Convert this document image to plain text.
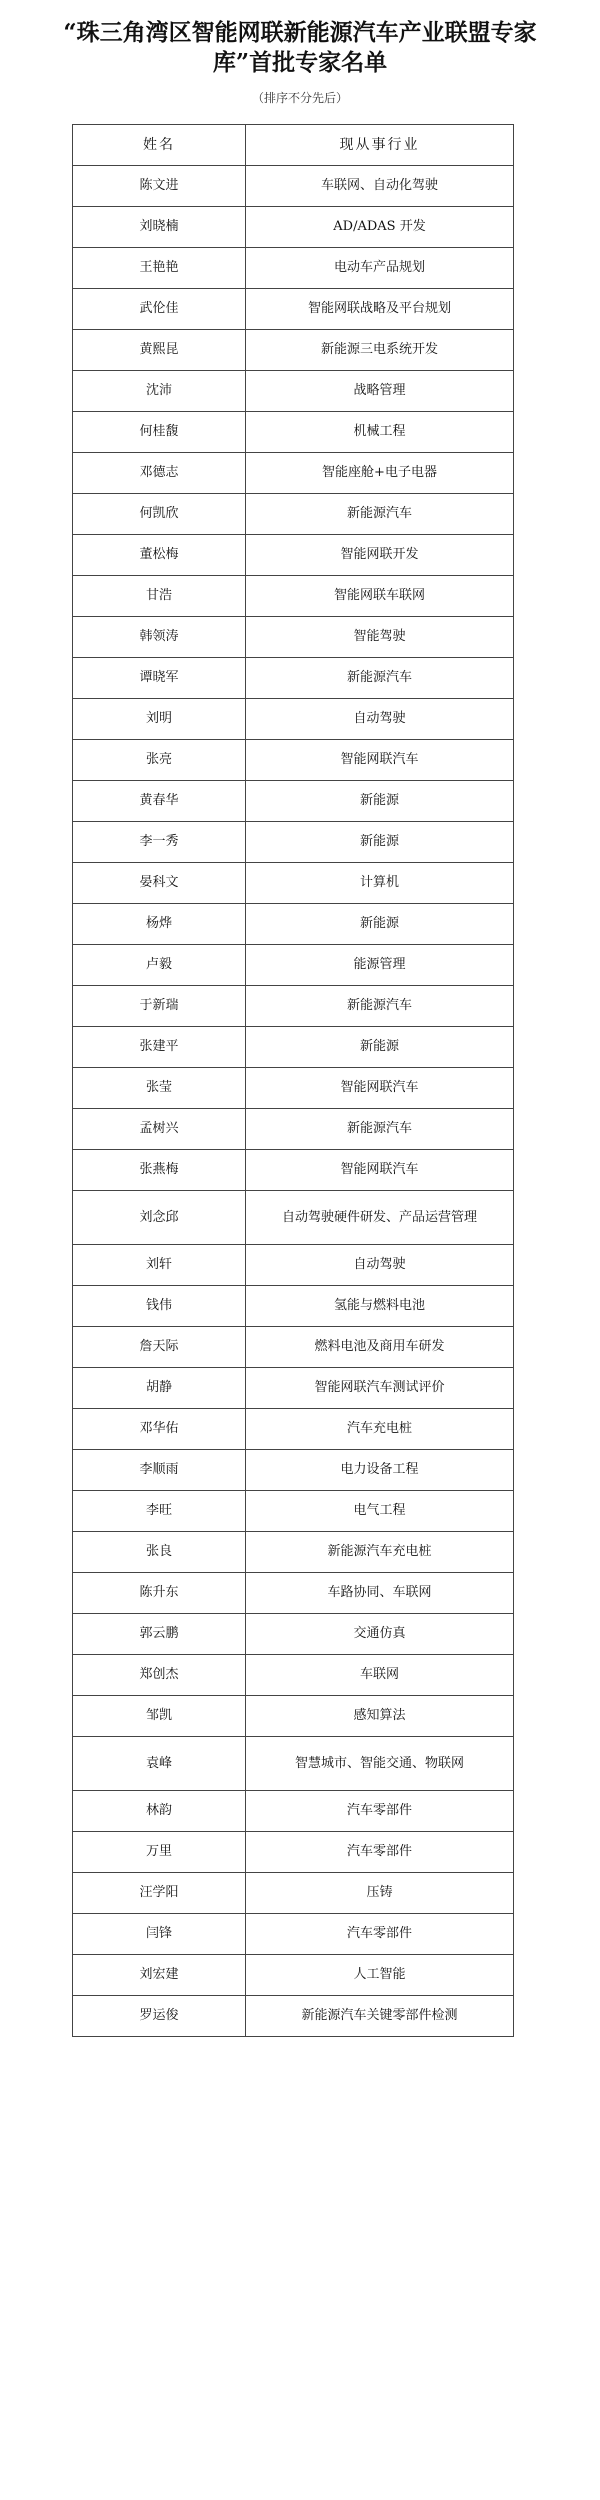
“珠三角湾区智能网联新能源汽车产业联盟专家库”首批专家名单
（排序不分先后）
姓名	现从事行业
陈文进	车联网、自动化驾驶
刘晓楠	AD/ADAS 开发
王艳艳	电动车产品规划
武伦佳	智能网联战略及平台规划
黄熙昆	新能源三电系统开发
沈沛	战略管理
何桂馥	机械工程
邓德志	智能座舱+电子电器
何凯欣	新能源汽车
董松梅	智能网联开发
甘浩	智能网联车联网
韩领涛	智能驾驶
谭晓军	新能源汽车
刘明	自动驾驶
张亮	智能网联汽车
黄春华	新能源
李一秀	新能源
晏科文	计算机
杨烨	新能源
卢毅	能源管理
于新瑞	新能源汽车
张建平	新能源
张莹	智能网联汽车
孟树兴	新能源汽车
张燕梅	智能网联汽车
刘念邱	自动驾驶硬件研发、产品运营管理
刘轩	自动驾驶
钱伟	氢能与燃料电池
詹天际	燃料电池及商用车研发
胡静	智能网联汽车测试评价
邓华佑	汽车充电桩
李顺雨	电力设备工程
李旺	电气工程
张良	新能源汽车充电桩
陈升东	车路协同、车联网
郭云鹏	交通仿真
郑创杰	车联网
邹凯	感知算法
袁峰	智慧城市、智能交通、物联网
林韵	汽车零部件
万里	汽车零部件
汪学阳	压铸
闫锋	汽车零部件
刘宏建	人工智能
罗运俊	新能源汽车关键零部件检测
